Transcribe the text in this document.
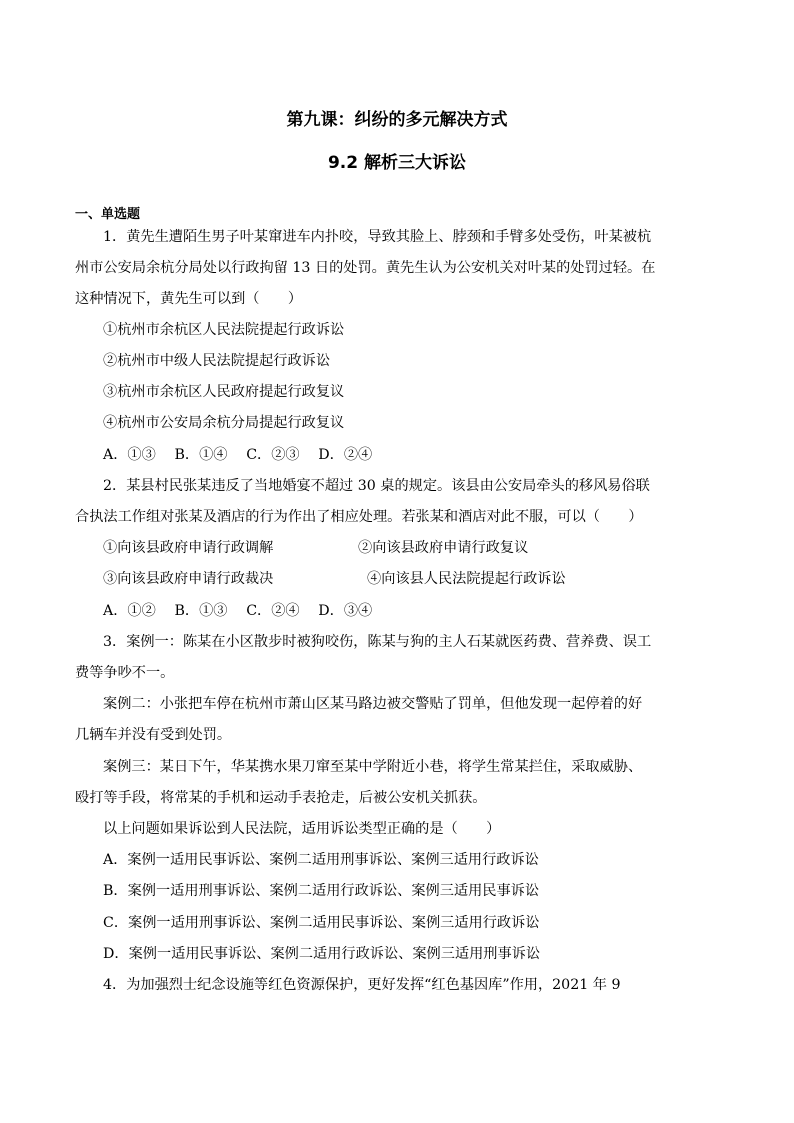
第九课：纠纷的多元解决方式
9.2 解析三大诉讼
一、单选题
1．黄先生遭陌生男子叶某窜进车内扑咬，导致其脸上、脖颈和手臂多处受伤，叶某被杭
州市公安局余杭分局处以行政拘留 13 日的处罚。黄先生认为公安机关对叶某的处罚过轻。在
这种情况下，黄先生可以到（　　）
①杭州市余杭区人民法院提起行政诉讼
②杭州市中级人民法院提起行政诉讼
③杭州市余杭区人民政府提起行政复议
④杭州市公安局余杭分局提起行政复议
A．①③　 B．①④　 C．②③　 D．②④
2．某县村民张某违反了当地婚宴不超过 30 桌的规定。该县由公安局牵头的移风易俗联
合执法工作组对张某及酒店的行为作出了相应处理。若张某和酒店对此不服，可以（　　）
①向该县政府申请行政调解	②向该县政府申请行政复议
③向该县政府申请行政裁决	④向该县人民法院提起行政诉讼
A．①②　 B．①③　 C．②④　 D．③④
3．案例一：陈某在小区散步时被狗咬伤，陈某与狗的主人石某就医药费、营养费、误工
费等争吵不一。
案例二：小张把车停在杭州市萧山区某马路边被交警贴了罚单，但他发现一起停着的好
几辆车并没有受到处罚。
案例三：某日下午，华某携水果刀窜至某中学附近小巷，将学生常某拦住，采取威胁、
殴打等手段，将常某的手机和运动手表抢走，后被公安机关抓获。
以上问题如果诉讼到人民法院，适用诉讼类型正确的是（　　）
A．案例一适用民事诉讼、案例二适用刑事诉讼、案例三适用行政诉讼
B．案例一适用刑事诉讼、案例二适用行政诉讼、案例三适用民事诉讼
C．案例一适用刑事诉讼、案例二适用民事诉讼、案例三适用行政诉讼
D．案例一适用民事诉讼、案例二适用行政诉讼、案例三适用刑事诉讼
4．为加强烈士纪念设施等红色资源保护，更好发挥“红色基因库”作用，2021 年 9
